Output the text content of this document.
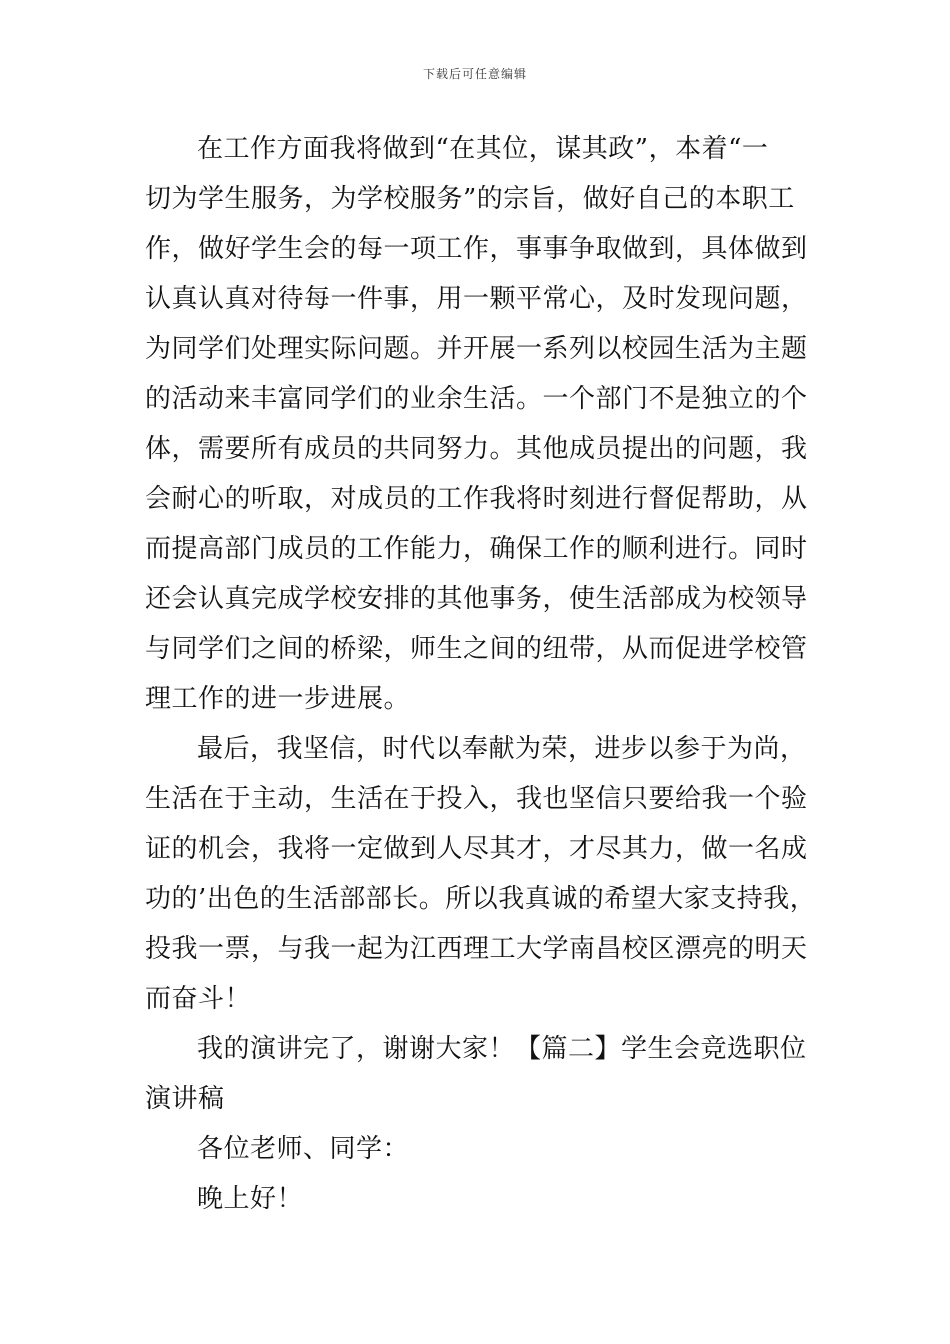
下载后可任意编辑
在工作方面我将做到“在其位，谋其政”，本着“一
切为学生服务，为学校服务”的宗旨，做好自己的本职工
作，做好学生会的每一项工作，事事争取做到，具体做到
认真认真对待每一件事，用一颗平常心，及时发现问题，
为同学们处理实际问题。并开展一系列以校园生活为主题
的活动来丰富同学们的业余生活。一个部门不是独立的个
体，需要所有成员的共同努力。其他成员提出的问题，我
会耐心的听取，对成员的工作我将时刻进行督促帮助，从
而提高部门成员的工作能力，确保工作的顺利进行。同时
还会认真完成学校安排的其他事务，使生活部成为校领导
与同学们之间的桥梁，师生之间的纽带，从而促进学校管
理工作的进一步进展。
最后，我坚信，时代以奉献为荣，进步以参于为尚，
生活在于主动，生活在于投入，我也坚信只要给我一个验
证的机会，我将一定做到人尽其才，才尽其力，做一名成
功的’出色的生活部部长。所以我真诚的希望大家支持我，
投我一票，与我一起为江西理工大学南昌校区漂亮的明天
而奋斗！
我的演讲完了，谢谢大家！【篇二】学生会竞选职位
演讲稿
各位老师、同学：
晚上好！
